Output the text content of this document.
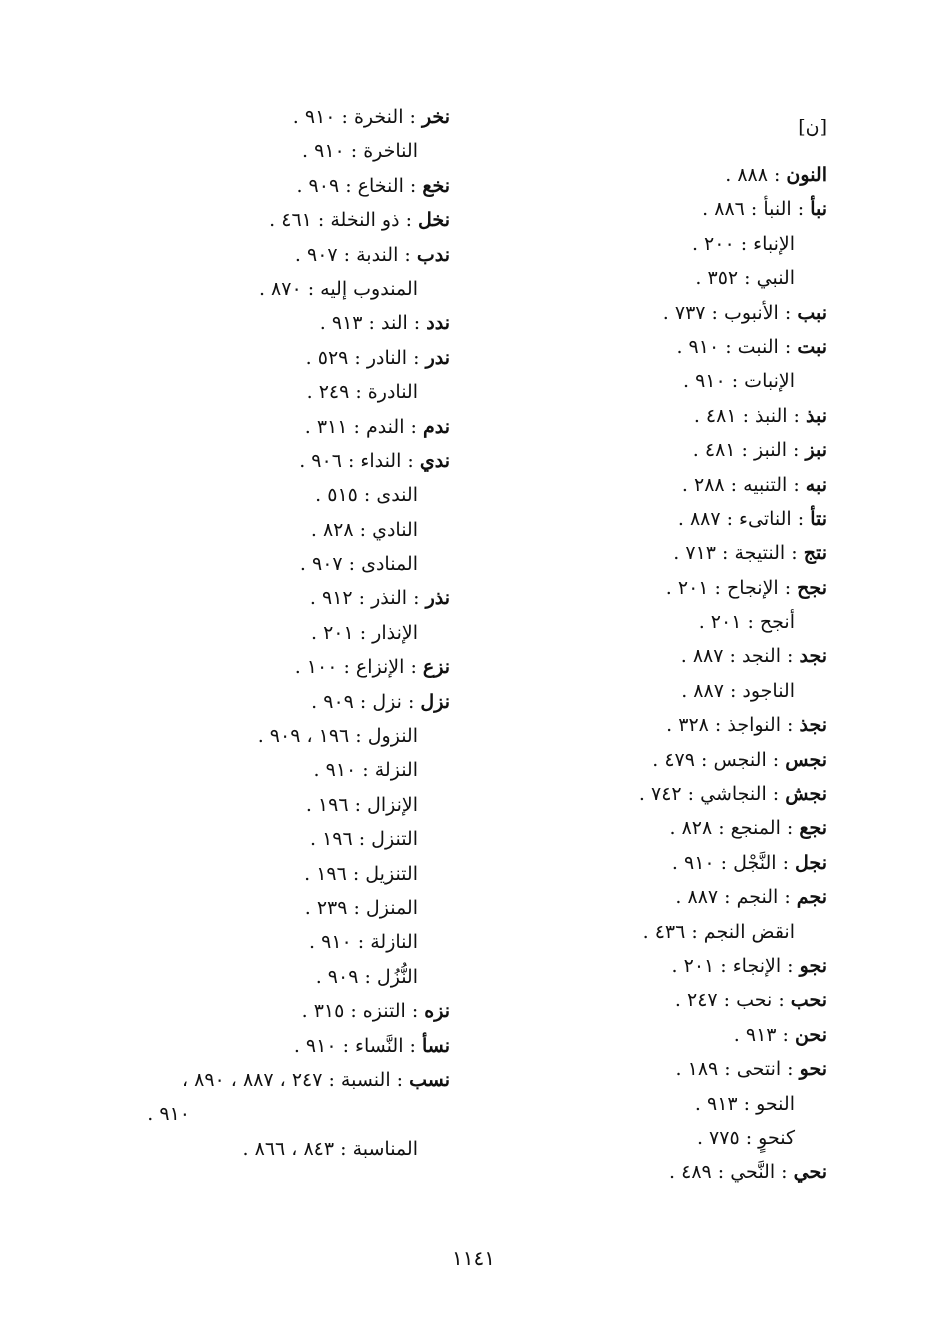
[ن]
النون : ٨٨٨ .
نبأ : النبأ : ٨٨٦ .
الإنباء : ٢٠٠ .
النبي : ٣٥٢ .
نبب : الأنبوب : ٧٣٧ .
نبت : النبت : ٩١٠ .
الإنبات : ٩١٠ .
نبذ : النبذ : ٤٨١ .
نبز : النبز : ٤٨١ .
نبه : التنبيه : ٢٨٨ .
نتأ : الناتىء : ٨٨٧ .
نتج : النتيجة : ٧١٣ .
نجح : الإنجاح : ٢٠١ .
أنجح : ٢٠١ .
نجد : النجد : ٨٨٧ .
الناجود : ٨٨٧ .
نجذ : النواجذ : ٣٢٨ .
نجس : النجس : ٤٧٩ .
نجش : النجاشي : ٧٤٢ .
نجع : المنجع : ٨٢٨ .
نجل : النَّجْل : ٩١٠ .
نجم : النجم : ٨٨٧ .
انقض النجم : ٤٣٦ .
نجو : الإنجاء : ٢٠١ .
نحب : نحب : ٢٤٧ .
نحن : ٩١٣ .
نحو : انتحى : ١٨٩ .
النحو : ٩١٣ .
كنحوٍ : ٧٧٥ .
نحي : النَّحي : ٤٨٩ .
نخر : النخرة : ٩١٠ .
الناخرة : ٩١٠ .
نخع : النخاع : ٩٠٩ .
نخل : ذو النخلة : ٤٦١ .
ندب : الندبة : ٩٠٧ .
المندوب إليه : ٨٧٠ .
ندد : الند : ٩١٣ .
ندر : النادر : ٥٢٩ .
النادرة : ٢٤٩ .
ندم : الندم : ٣١١ .
ندي : النداء : ٩٠٦ .
الندى : ٥١٥ .
النادي : ٨٢٨ .
المنادى : ٩٠٧ .
نذر : النذر : ٩١٢ .
الإنذار : ٢٠١ .
نزع : الإنزاع : ١٠٠ .
نزل : نزل : ٩٠٩ .
النزول : ١٩٦ ، ٩٠٩ .
النزلة : ٩١٠ .
الإنزال : ١٩٦ .
التنزل : ١٩٦ .
التنزيل : ١٩٦ .
المنزل : ٢٣٩ .
النازلة : ٩١٠ .
النُّزُل : ٩٠٩ .
نزه : التنزه : ٣١٥ .
نسأ : النَّساء : ٩١٠ .
نسب : النسبة : ٢٤٧ ، ٨٨٧ ، ٨٩٠ ،
٩١٠ .
المناسبة : ٨٤٣ ، ٨٦٦ .
١١٤١
